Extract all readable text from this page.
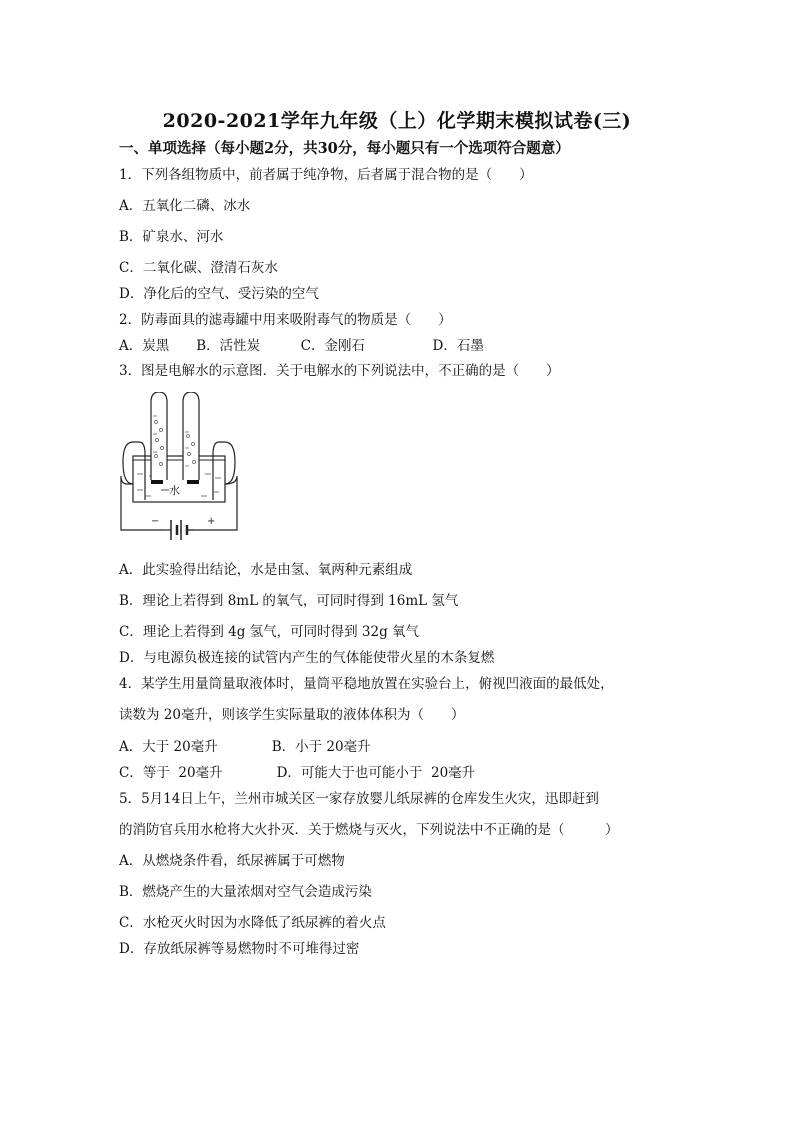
2020-2021学年九年级（上）化学期末模拟试卷(三)
一、单项选择（每小题2分，共30分，每小题只有一个选项符合题意）
1．下列各组物质中，前者属于纯净物，后者属于混合物的是（　　）
A．五氧化二磷、冰水
B．矿泉水、河水
C．二氧化碳、澄清石灰水
D．净化后的空气、受污染的空气
2．防毒面具的滤毒罐中用来吸附毒气的物质是（　　）
A．炭黑　　B．活性炭　　　C．金刚石　　　　　D．石墨
3．图是电解水的示意图．关于电解水的下列说法中，不正确的是（　　）
−	+
水
A．此实验得出结论，水是由氢、氧两种元素组成
B．理论上若得到 8mL 的氧气，可同时得到 16mL 氢气
C．理论上若得到 4g 氢气，可同时得到 32g 氧气
D．与电源负极连接的试管内产生的气体能使带火星的木条复燃
4．某学生用量筒量取液体时，量筒平稳地放置在实验台上，俯视凹液面的最低处，
读数为 20毫升，则该学生实际量取的液体体积为（　　）
A．大于 20毫升　　　　B．小于 20毫升
C．等于  20毫升　　　　D．可能大于也可能小于  20毫升
5．5月14日上午，兰州市城关区一家存放婴儿纸尿裤的仓库发生火灾，迅即赶到
的消防官兵用水枪将大火扑灭．关于燃烧与灭火，下列说法中不正确的是（　　　）
A．从燃烧条件看，纸尿裤属于可燃物
B．燃烧产生的大量浓烟对空气会造成污染
C．水枪灭火时因为水降低了纸尿裤的着火点
D．存放纸尿裤等易燃物时不可堆得过密
